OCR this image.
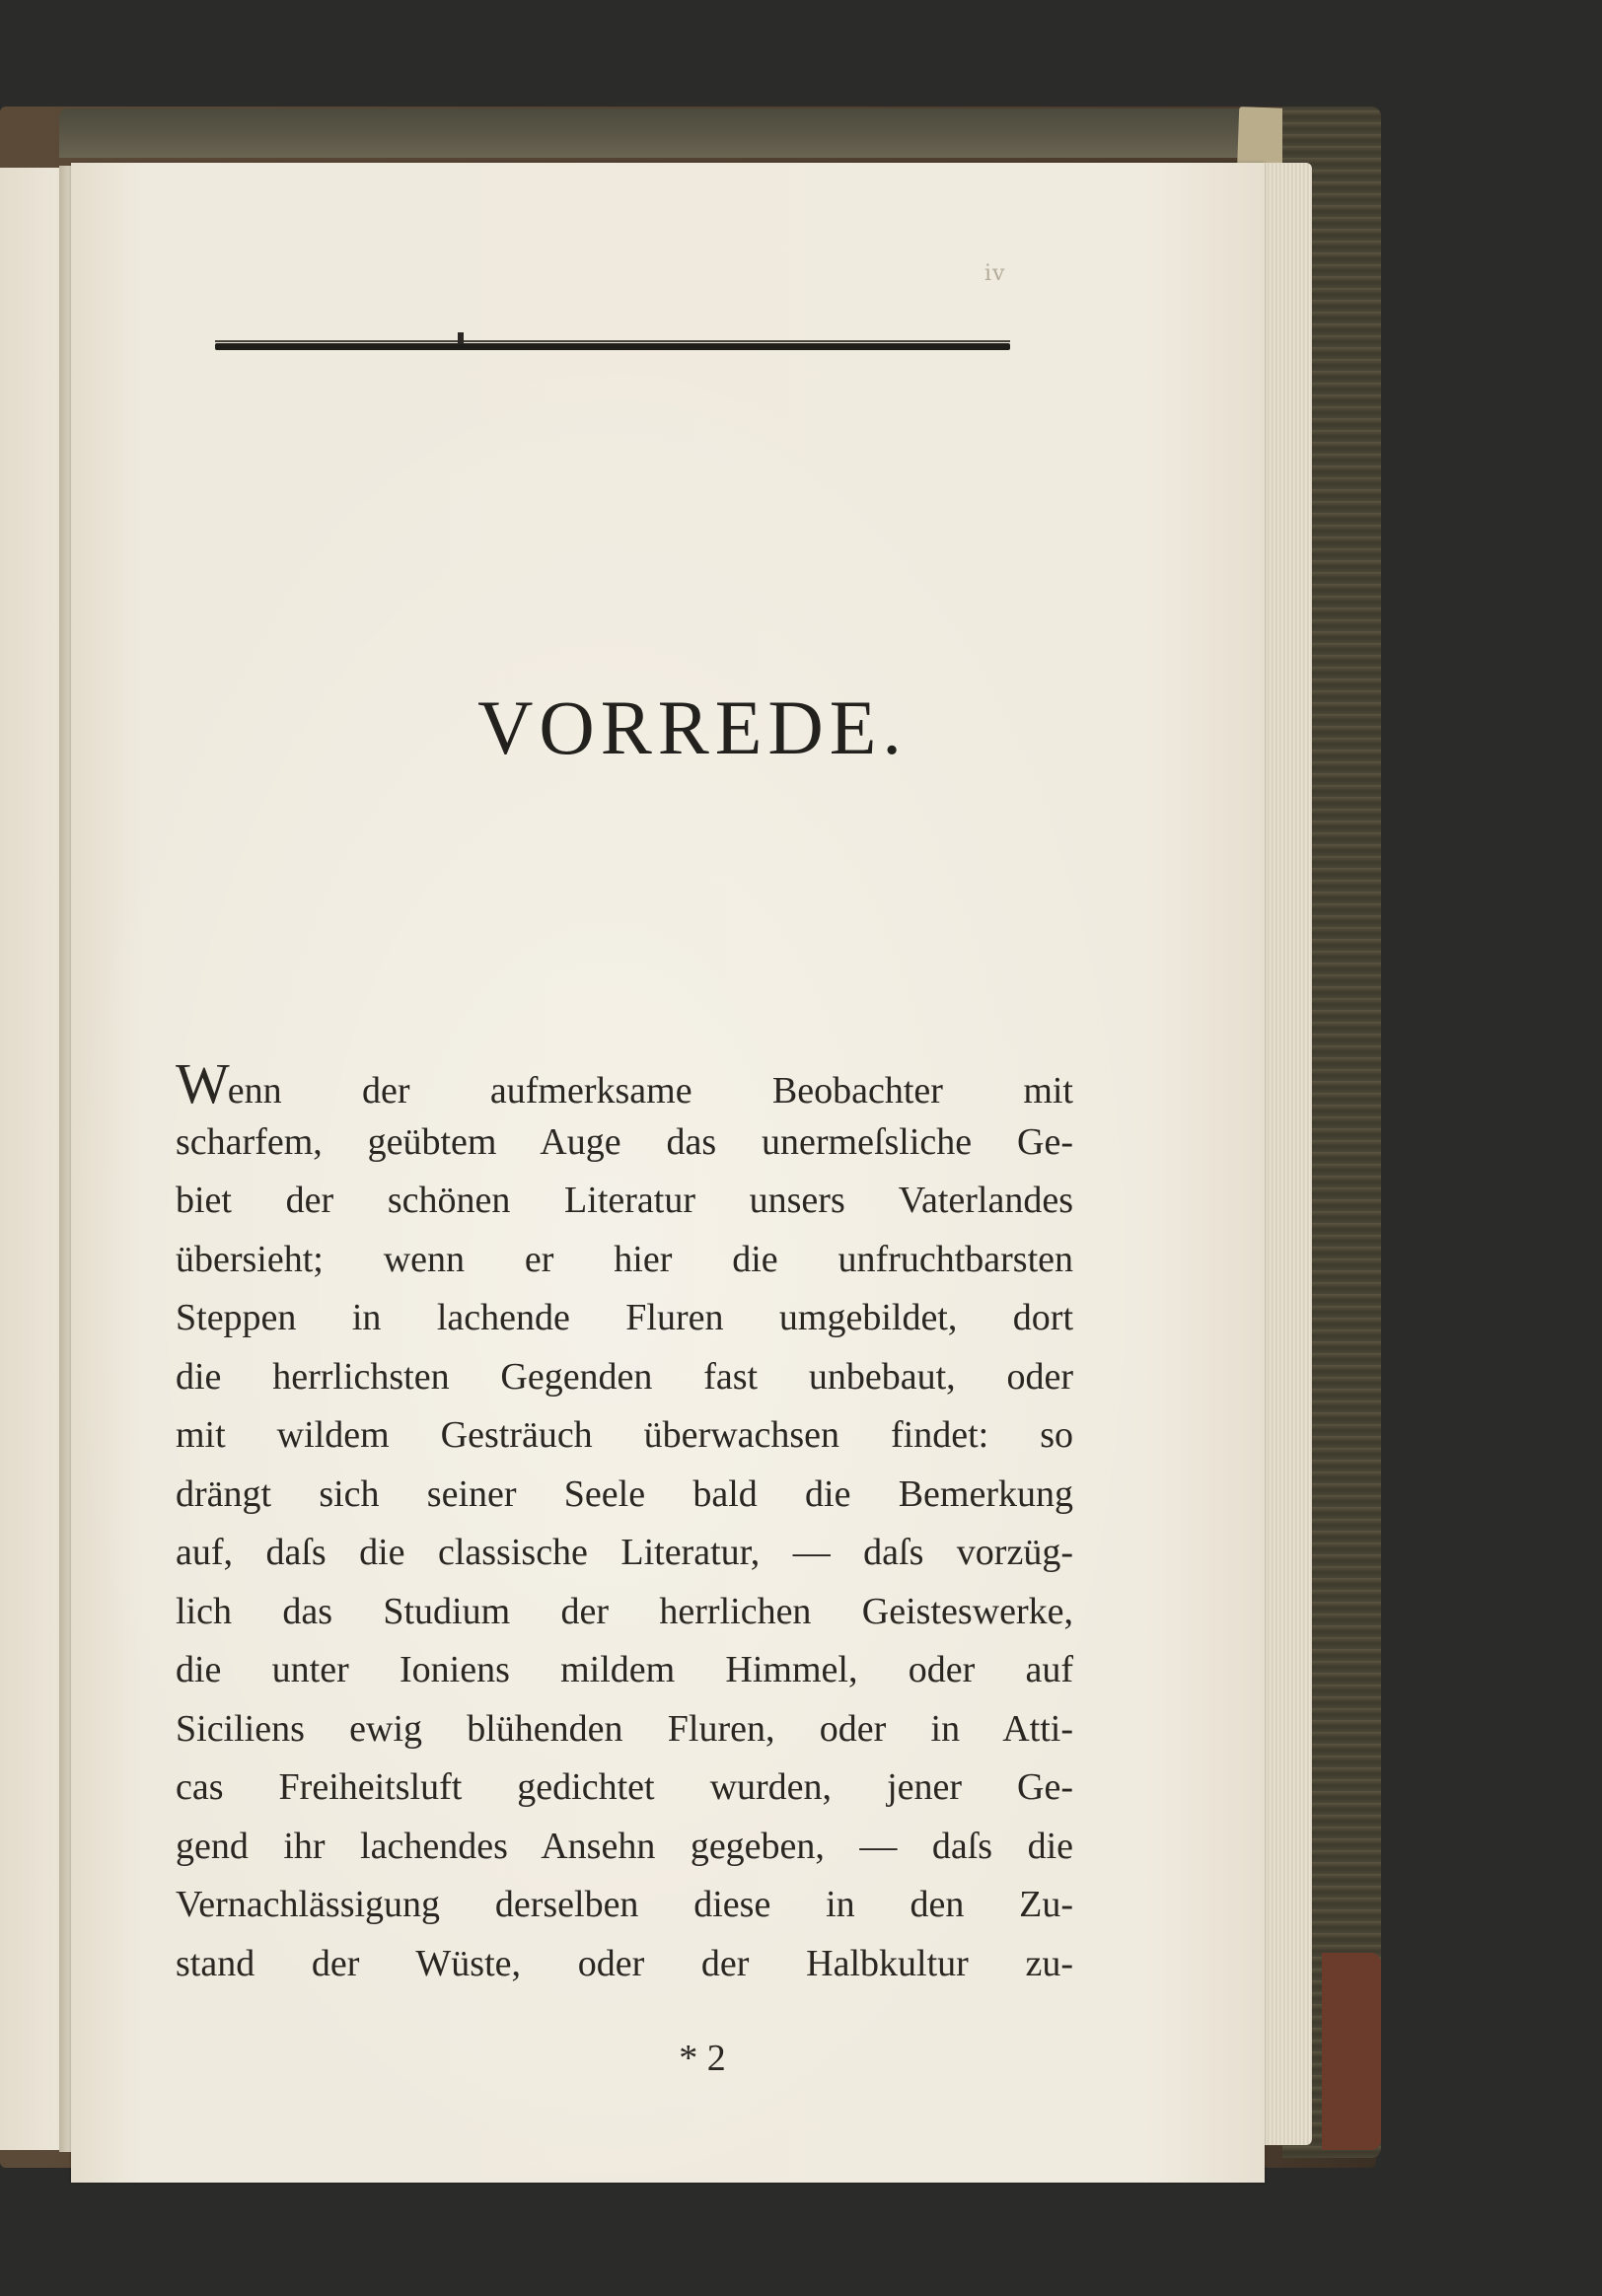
iv
VORREDE.
Wenn der aufmerksame Beobachter mit
scharfem, geübtem Auge das unermeſsliche Ge-
biet der schönen Literatur unsers Vaterlandes
übersieht; wenn er hier die unfruchtbarsten
Steppen in lachende Fluren umgebildet, dort
die herrlichsten Gegenden fast unbebaut, oder
mit wildem Gesträuch überwachsen findet: so
drängt sich seiner Seele bald die Bemerkung
auf, daſs die classische Literatur, — daſs vorzüg-
lich das Studium der herrlichen Geisteswerke,
die unter Ioniens mildem Himmel, oder auf
Siciliens ewig blühenden Fluren, oder in Atti-
cas Freiheitsluft gedichtet wurden, jener Ge-
gend ihr lachendes Ansehn gegeben, — daſs die
Vernachlässigung derselben diese in den Zu-
stand der Wüste, oder der Halbkultur zu-
* 2
